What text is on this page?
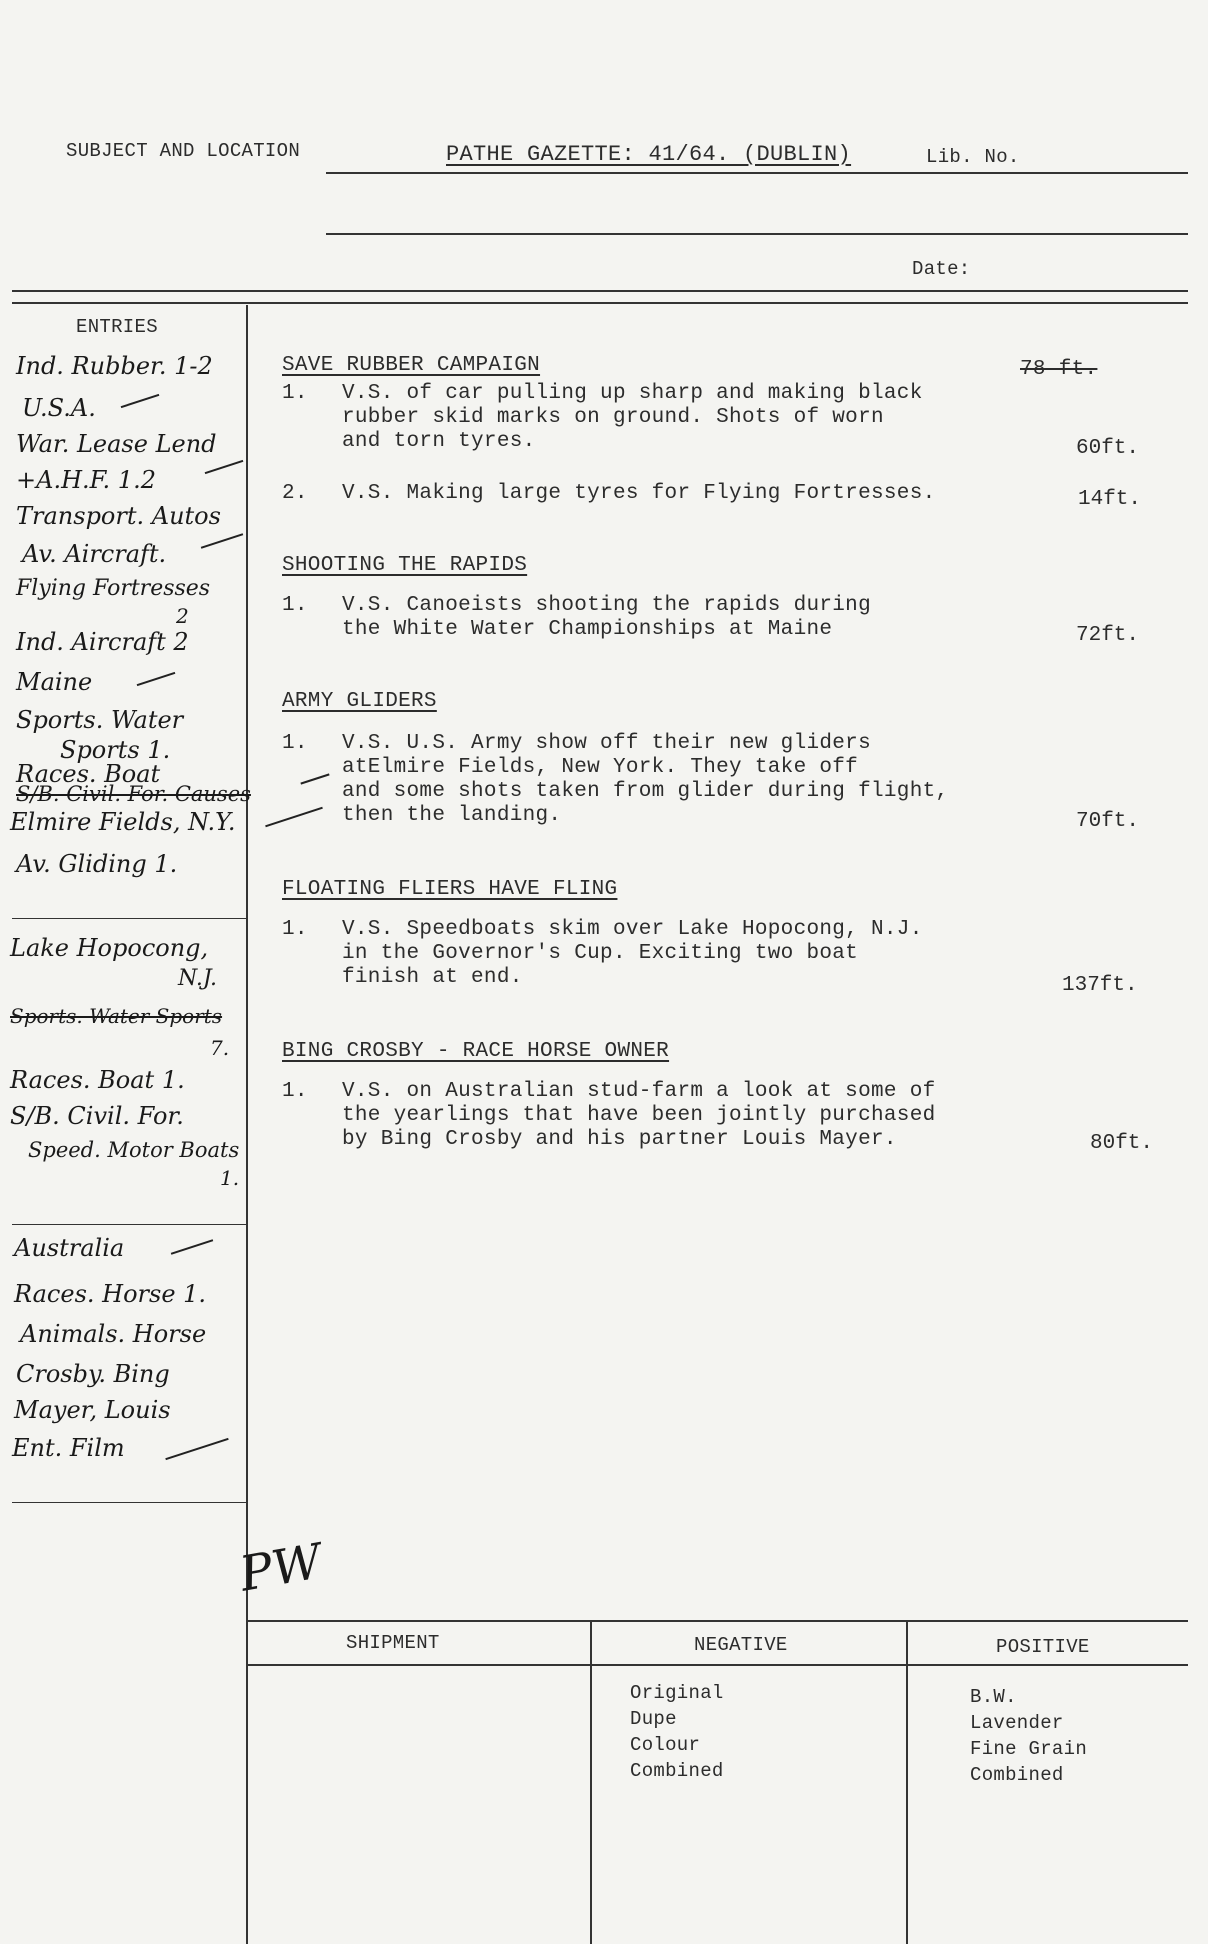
SUBJECT AND LOCATION	PATHE GAZETTE: 41/64. (DUBLIN)	Lib. No.
Date:
ENTRIES
SAVE RUBBER CAMPAIGN
1. V.S. of car pulling up sharp and making black
rubber skid marks on ground. Shots of worn
and torn tyres.	60ft.
78 ft.
2. V.S. Making large tyres for Flying Fortresses.	14ft.
SHOOTING THE RAPIDS
1. V.S. Canoeists shooting the rapids during
the White Water Championships at Maine	72ft.
ARMY GLIDERS
1. V.S. U.S. Army show off their new gliders
atElmire Fields, New York. They take off
and some shots taken from glider during flight,
then the landing.	70ft.
FLOATING FLIERS HAVE FLING
1. V.S. Speedboats skim over Lake Hopocong, N.J.
in the Governor's Cup. Exciting two boat
finish at end.	137ft.
BING CROSBY - RACE HORSE OWNER
1. V.S. on Australian stud-farm a look at some of
the yearlings that have been jointly purchased
by Bing Crosby and his partner Louis Mayer.	80ft.
Ind. Rubber. 1-2
U.S.A.
War. Lease Lend
+A.H.F. 1.2
Transport. Autos
Av. Aircraft.
Flying Fortresses
2
Ind. Aircraft 2
Maine
Sports. Water
Sports 1.
Races. Boat
S/B. Civil. For. Causes
Elmire Fields, N.Y.
Av. Gliding 1.
Lake Hopocong,
N.J.
Sports. Water Sports
7.
Races. Boat 1.
S/B. Civil. For.
Speed. Motor Boats
1.
Australia
Races. Horse 1.
Animals. Horse
Crosby. Bing
Mayer, Louis
Ent. Film
PW
SHIPMENT	NEGATIVE	POSITIVE
Original
Dupe
Colour
Combined
B.W.
Lavender
Fine Grain
Combined
